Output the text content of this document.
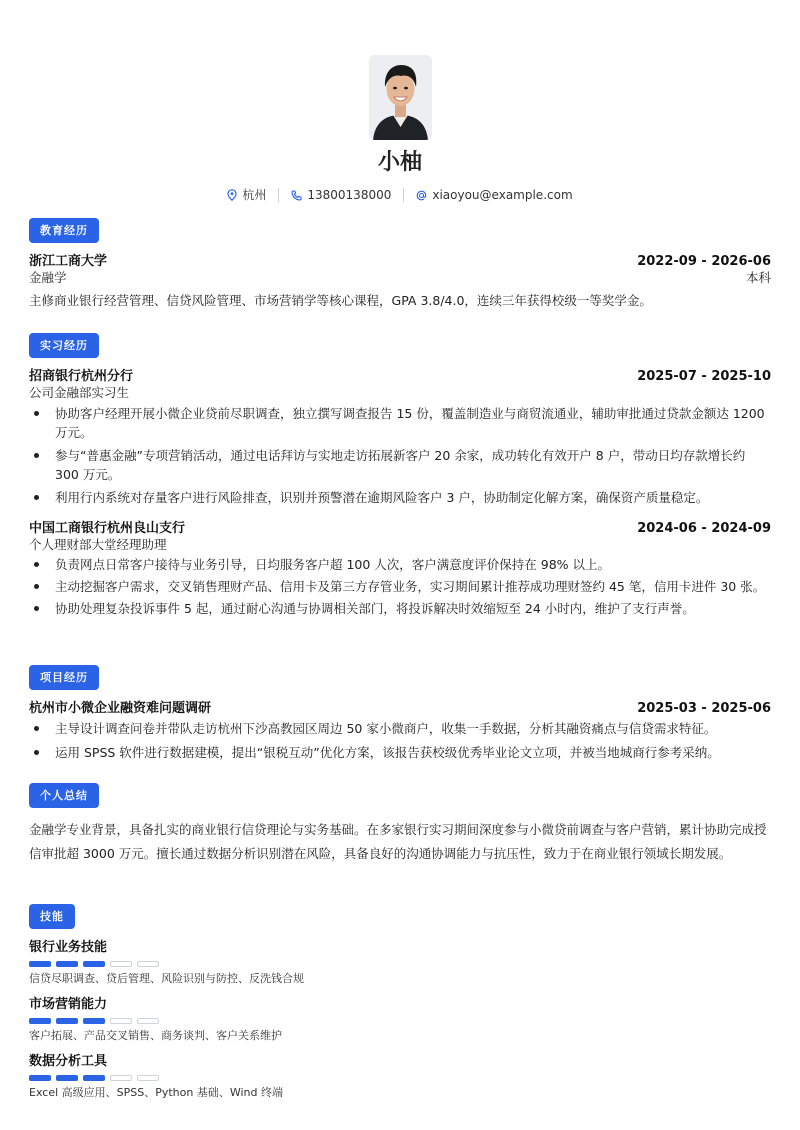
小柚
杭州	13800138000	xiaoyou@example.com
教育经历
浙江工商大学	2022-09 - 2026-06
金融学	本科
主修商业银行经营管理、信贷风险管理、市场营销学等核心课程，GPA 3.8/4.0，连续三年获得校级一等奖学金。
实习经历
招商银行杭州分行	2025-07 - 2025-10
公司金融部实习生
协助客户经理开展小微企业贷前尽职调查，独立撰写调查报告 15 份，覆盖制造业与商贸流通业，辅助审批通过贷款金额达 1200 万元。
参与“普惠金融”专项营销活动，通过电话拜访与实地走访拓展新客户 20 余家，成功转化有效开户 8 户，带动日均存款增长约 300 万元。
利用行内系统对存量客户进行风险排查，识别并预警潜在逾期风险客户 3 户，协助制定化解方案，确保资产质量稳定。
中国工商银行杭州良山支行	2024-06 - 2024-09
个人理财部大堂经理助理
负责网点日常客户接待与业务引导，日均服务客户超 100 人次，客户满意度评价保持在 98% 以上。
主动挖掘客户需求，交叉销售理财产品、信用卡及第三方存管业务，实习期间累计推荐成功理财签约 45 笔，信用卡进件 30 张。
协助处理复杂投诉事件 5 起，通过耐心沟通与协调相关部门，将投诉解决时效缩短至 24 小时内，维护了支行声誉。
项目经历
杭州市小微企业融资难问题调研	2025-03 - 2025-06
主导设计调查问卷并带队走访杭州下沙高教园区周边 50 家小微商户，收集一手数据，分析其融资痛点与信贷需求特征。
运用 SPSS 软件进行数据建模，提出“银税互动”优化方案，该报告获校级优秀毕业论文立项，并被当地城商行参考采纳。
个人总结
金融学专业背景，具备扎实的商业银行信贷理论与实务基础。在多家银行实习期间深度参与小微贷前调查与客户营销，累计协助完成授信审批超 3000 万元。擅长通过数据分析识别潜在风险，具备良好的沟通协调能力与抗压性，致力于在商业银行领域长期发展。
技能
银行业务技能
信贷尽职调查、贷后管理、风险识别与防控、反洗钱合规
市场营销能力
客户拓展、产品交叉销售、商务谈判、客户关系维护
数据分析工具
Excel 高级应用、SPSS、Python 基础、Wind 终端
